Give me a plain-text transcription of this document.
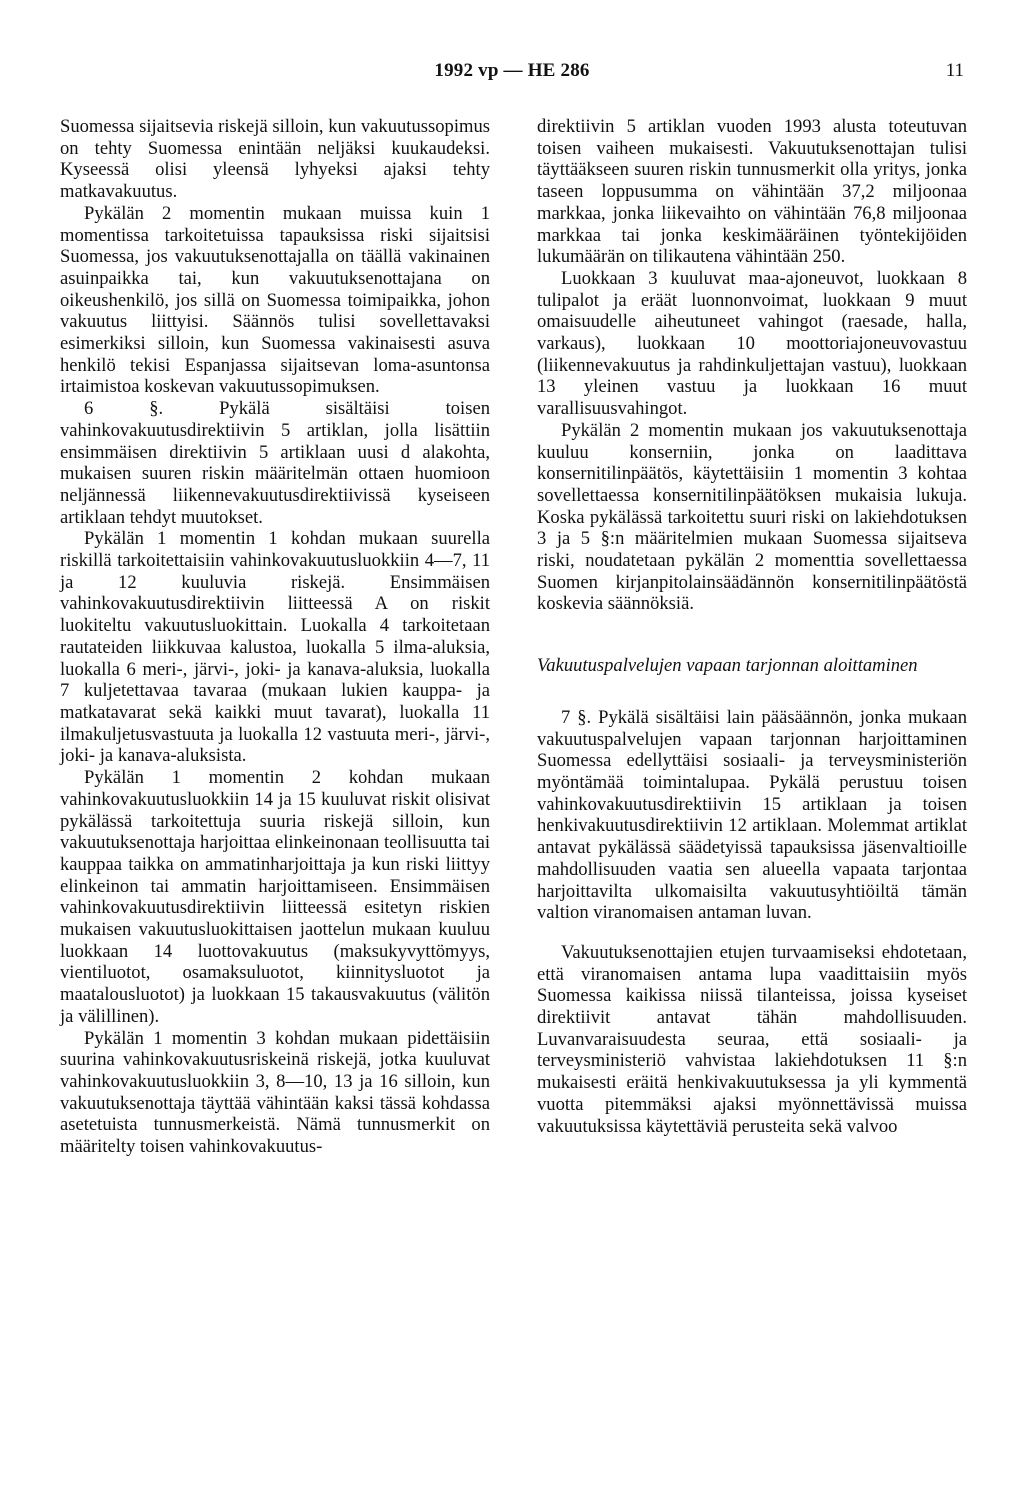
1992 vp — HE 286	11

Suomessa sijaitsevia riskejä silloin, kun vakuutussopimus on tehty Suomessa enintään neljäksi kuukaudeksi. Kyseessä olisi yleensä lyhyeksi ajaksi tehty matkavakuutus.

Pykälän 2 momentin mukaan muissa kuin 1 momentissa tarkoitetuissa tapauksissa riski sijaitsisi Suomessa, jos vakuutuksenottajalla on täällä vakinainen asuinpaikka tai, kun vakuutuksenottajana on oikeushenkilö, jos sillä on Suomessa toimipaikka, johon vakuutus liittyisi. Säännös tulisi sovellettavaksi esimerkiksi silloin, kun Suomessa vakinaisesti asuva henkilö tekisi Espanjassa sijaitsevan loma-asuntonsa irtaimistoa koskevan vakuutussopimuksen.

6 §. Pykälä sisältäisi toisen vahinkovakuutusdirektiivin 5 artiklan, jolla lisättiin ensimmäisen direktiivin 5 artiklaan uusi d alakohta, mukaisen suuren riskin määritelmän ottaen huomioon neljännessä liikennevakuutusdirektiivissä kyseiseen artiklaan tehdyt muutokset.

Pykälän 1 momentin 1 kohdan mukaan suurella riskillä tarkoitettaisiin vahinkovakuutusluokkiin 4—7, 11 ja 12 kuuluvia riskejä. Ensimmäisen vahinkovakuutusdirektiivin liitteessä A on riskit luokiteltu vakuutusluokittain. Luokalla 4 tarkoitetaan rautateiden liikkuvaa kalustoa, luokalla 5 ilma-aluksia, luokalla 6 meri-, järvi-, joki- ja kanava-aluksia, luokalla 7 kuljetettavaa tavaraa (mukaan lukien kauppa- ja matkatavarat sekä kaikki muut tavarat), luokalla 11 ilmakuljetusvastuuta ja luokalla 12 vastuuta meri-, järvi-, joki- ja kanava-aluksista.

Pykälän 1 momentin 2 kohdan mukaan vahinkovakuutusluokkiin 14 ja 15 kuuluvat riskit olisivat pykälässä tarkoitettuja suuria riskejä silloin, kun vakuutuksenottaja harjoittaa elinkeinonaan teollisuutta tai kauppaa taikka on ammatinharjoittaja ja kun riski liittyy elinkeinon tai ammatin harjoittamiseen. Ensimmäisen vahinkovakuutusdirektiivin liitteessä esitetyn riskien mukaisen vakuutusluokittaisen jaottelun mukaan kuuluu luokkaan 14 luottovakuutus (maksukyvyttömyys, vientiluotot, osamaksuluotot, kiinnitysluotot ja maatalousluotot) ja luokkaan 15 takausvakuutus (välitön ja välillinen).

Pykälän 1 momentin 3 kohdan mukaan pidettäisiin suurina vahinkovakuutusriskeinä riskejä, jotka kuuluvat vahinkovakuutusluokkiin 3, 8—10, 13 ja 16 silloin, kun vakuutuksenottaja täyttää vähintään kaksi tässä kohdassa asetetuista tunnusmerkeistä. Nämä tunnusmerkit on määritelty toisen vahinkovakuutus-

direktiivin 5 artiklan vuoden 1993 alusta toteutuvan toisen vaiheen mukaisesti. Vakuutuksenottajan tulisi täyttääkseen suuren riskin tunnusmerkit olla yritys, jonka taseen loppusumma on vähintään 37,2 miljoonaa markkaa, jonka liikevaihto on vähintään 76,8 miljoonaa markkaa tai jonka keskimääräinen työntekijöiden lukumäärän on tilikautena vähintään 250.

Luokkaan 3 kuuluvat maa-ajoneuvot, luokkaan 8 tulipalot ja eräät luonnonvoimat, luokkaan 9 muut omaisuudelle aiheutuneet vahingot (raesade, halla, varkaus), luokkaan 10 moottoriajoneuvovastuu (liikennevakuutus ja rahdinkuljettajan vastuu), luokkaan 13 yleinen vastuu ja luokkaan 16 muut varallisuusvahingot.

Pykälän 2 momentin mukaan jos vakuutuksenottaja kuuluu konserniin, jonka on laadittava konsernitilinpäätös, käytettäisiin 1 momentin 3 kohtaa sovellettaessa konsernitilinpäätöksen mukaisia lukuja. Koska pykälässä tarkoitettu suuri riski on lakiehdotuksen 3 ja 5 §:n määritelmien mukaan Suomessa sijaitseva riski, noudatetaan pykälän 2 momenttia sovellettaessa Suomen kirjanpitolainsäädännön konsernitilinpäätöstä koskevia säännöksiä.

Vakuutuspalvelujen vapaan tarjonnan aloittaminen

7 §. Pykälä sisältäisi lain pääsäännön, jonka mukaan vakuutuspalvelujen vapaan tarjonnan harjoittaminen Suomessa edellyttäisi sosiaali- ja terveysministeriön myöntämää toimintalupaa. Pykälä perustuu toisen vahinkovakuutusdirektiivin 15 artiklaan ja toisen henkivakuutusdirektiivin 12 artiklaan. Molemmat artiklat antavat pykälässä säädetyissä tapauksissa jäsenvaltioille mahdollisuuden vaatia sen alueella vapaata tarjontaa harjoittavilta ulkomaisilta vakuutusyhtiöiltä tämän valtion viranomaisen antaman luvan.

Vakuutuksenottajien etujen turvaamiseksi ehdotetaan, että viranomaisen antama lupa vaadittaisiin myös Suomessa kaikissa niissä tilanteissa, joissa kyseiset direktiivit antavat tähän mahdollisuuden. Luvanvaraisuudesta seuraa, että sosiaali- ja terveysministeriö vahvistaa lakiehdotuksen 11 §:n mukaisesti eräitä henkivakuutuksessa ja yli kymmentä vuotta pitemmäksi ajaksi myönnettävissä muissa vakuutuksissa käytettäviä perusteita sekä valvoo
